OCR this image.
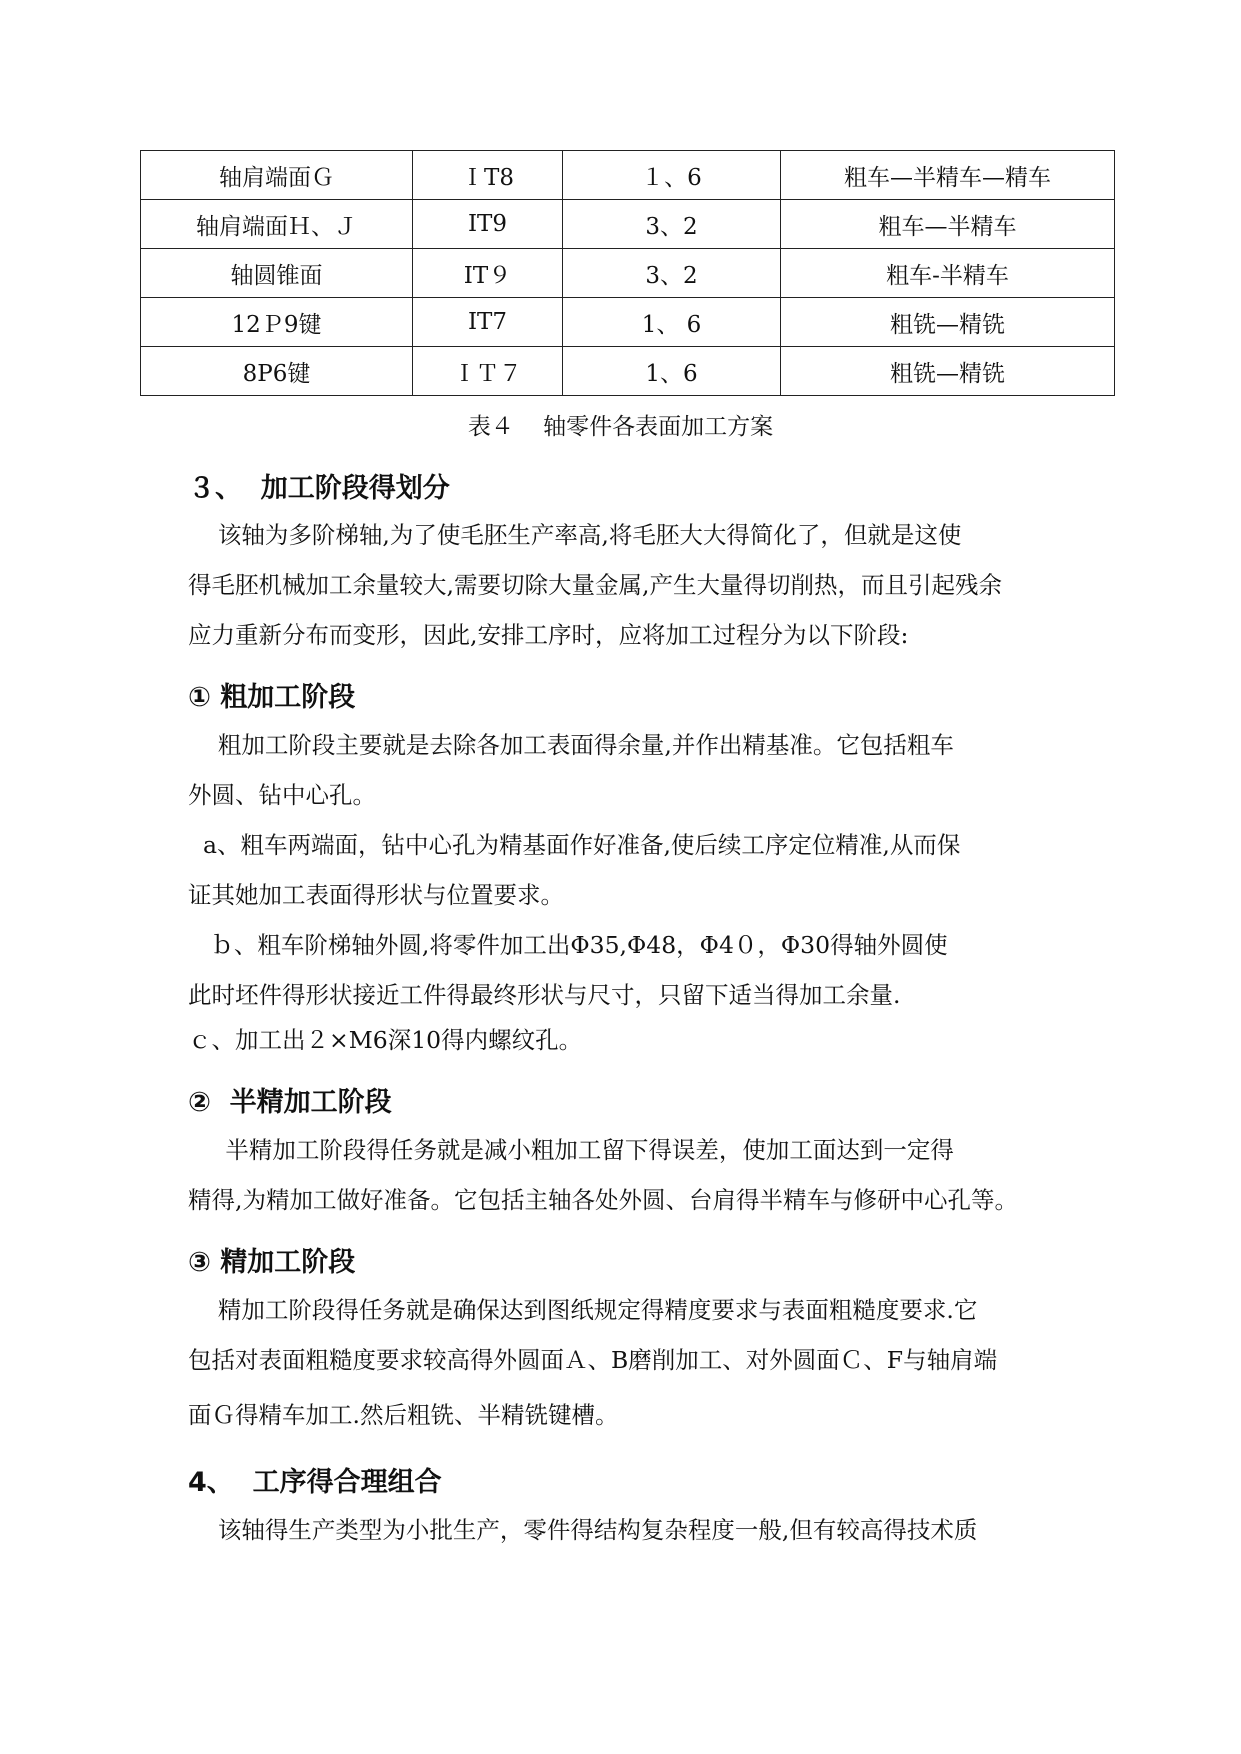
轴肩端面Ｇ	ＩT8	１、6	粗车—半精车—精车
轴肩端面Ｈ、Ｊ	IT9	3、2	粗车—半精车
轴圆锥面	IT９	3、2	粗车-半精车
12Ｐ9键	IT7	1、 6	粗铣—精铣
8P6键	ＩＴ７	1、6	粗铣—精铣
表４    轴零件各表面加工方案
３、  加工阶段得划分
该轴为多阶梯轴,为了使毛胚生产率高,将毛胚大大得简化了，但就是这使
得毛胚机械加工余量较大,需要切除大量金属,产生大量得切削热，而且引起残余
应力重新分布而变形，因此,安排工序时，应将加工过程分为以下阶段:
① 粗加工阶段
粗加工阶段主要就是去除各加工表面得余量,并作出精基准。它包括粗车
外圆、钻中心孔。
a、粗车两端面，钻中心孔为精基面作好准备,使后续工序定位精准,从而保
证其她加工表面得形状与位置要求。
ｂ、粗车阶梯轴外圆,将零件加工出Φ35,Φ48，Φ4０，Φ30得轴外圆使
此时坯件得形状接近工件得最终形状与尺寸，只留下适当得加工余量.
ｃ、加工出２×M6深10得内螺纹孔。
②  半精加工阶段
半精加工阶段得任务就是减小粗加工留下得误差，使加工面达到一定得
精得,为精加工做好准备。它包括主轴各处外圆、台肩得半精车与修研中心孔等。
③ 精加工阶段
精加工阶段得任务就是确保达到图纸规定得精度要求与表面粗糙度要求.它
包括对表面粗糙度要求较高得外圆面Ａ、B磨削加工、对外圆面Ｃ、F与轴肩端
面Ｇ得精车加工.然后粗铣、半精铣键槽。
4、  工序得合理组合
该轴得生产类型为小批生产，零件得结构复杂程度一般,但有较高得技术质
